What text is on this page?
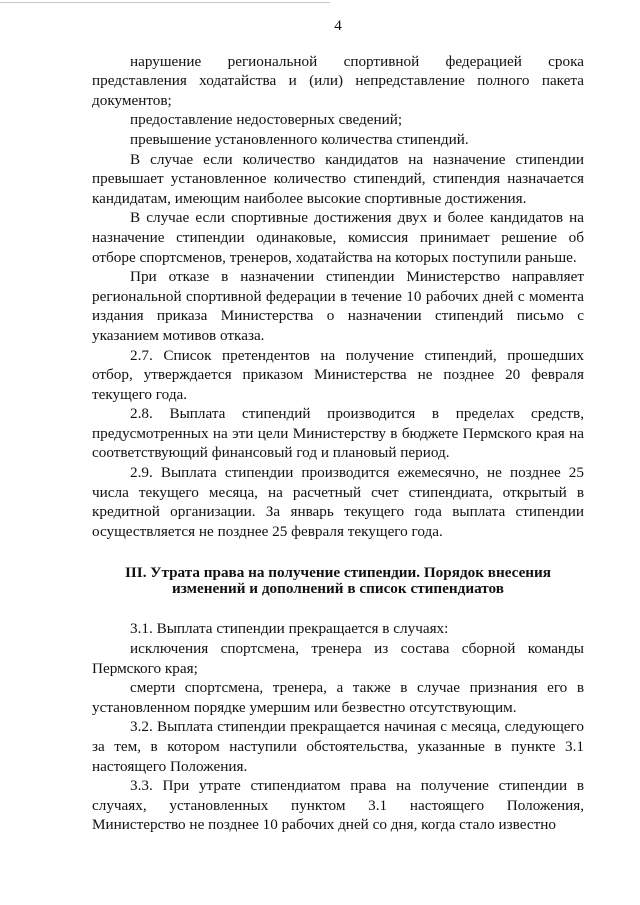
4

нарушение региональной спортивной федерацией срока представления ходатайства и (или) непредставление полного пакета документов;

предоставление недостоверных сведений;

превышение установленного количества стипендий.

В случае если количество кандидатов на назначение стипендии превышает установленное количество стипендий, стипендия назначается кандидатам, имеющим наиболее высокие спортивные достижения.

В случае если спортивные достижения двух и более кандидатов на назначение стипендии одинаковые, комиссия принимает решение об отборе спортсменов, тренеров, ходатайства на которых поступили раньше.

При отказе в назначении стипендии Министерство направляет региональной спортивной федерации в течение 10 рабочих дней с момента издания приказа Министерства о назначении стипендий письмо с указанием мотивов отказа.

2.7. Список претендентов на получение стипендий, прошедших отбор, утверждается приказом Министерства не позднее 20 февраля текущего года.

2.8. Выплата стипендий производится в пределах средств, предусмотренных на эти цели Министерству в бюджете Пермского края на соответствующий финансовый год и плановый период.

2.9. Выплата стипендии производится ежемесячно, не позднее 25 числа текущего месяца, на расчетный счет стипендиата, открытый в кредитной организации. За январь текущего года выплата стипендии осуществляется не позднее 25 февраля текущего года.

III. Утрата права на получение стипендии. Порядок внесения
изменений и дополнений в список стипендиатов

3.1. Выплата стипендии прекращается в случаях:

исключения спортсмена, тренера из состава сборной команды Пермского края;

смерти спортсмена, тренера, а также в случае признания его в установленном порядке умершим или безвестно отсутствующим.

3.2. Выплата стипендии прекращается начиная с месяца, следующего за тем, в котором наступили обстоятельства, указанные в пункте 3.1 настоящего Положения.

3.3. При утрате стипендиатом права на получение стипендии в случаях, установленных пунктом 3.1 настоящего Положения, Министерство не позднее 10 рабочих дней со дня, когда стало известно
